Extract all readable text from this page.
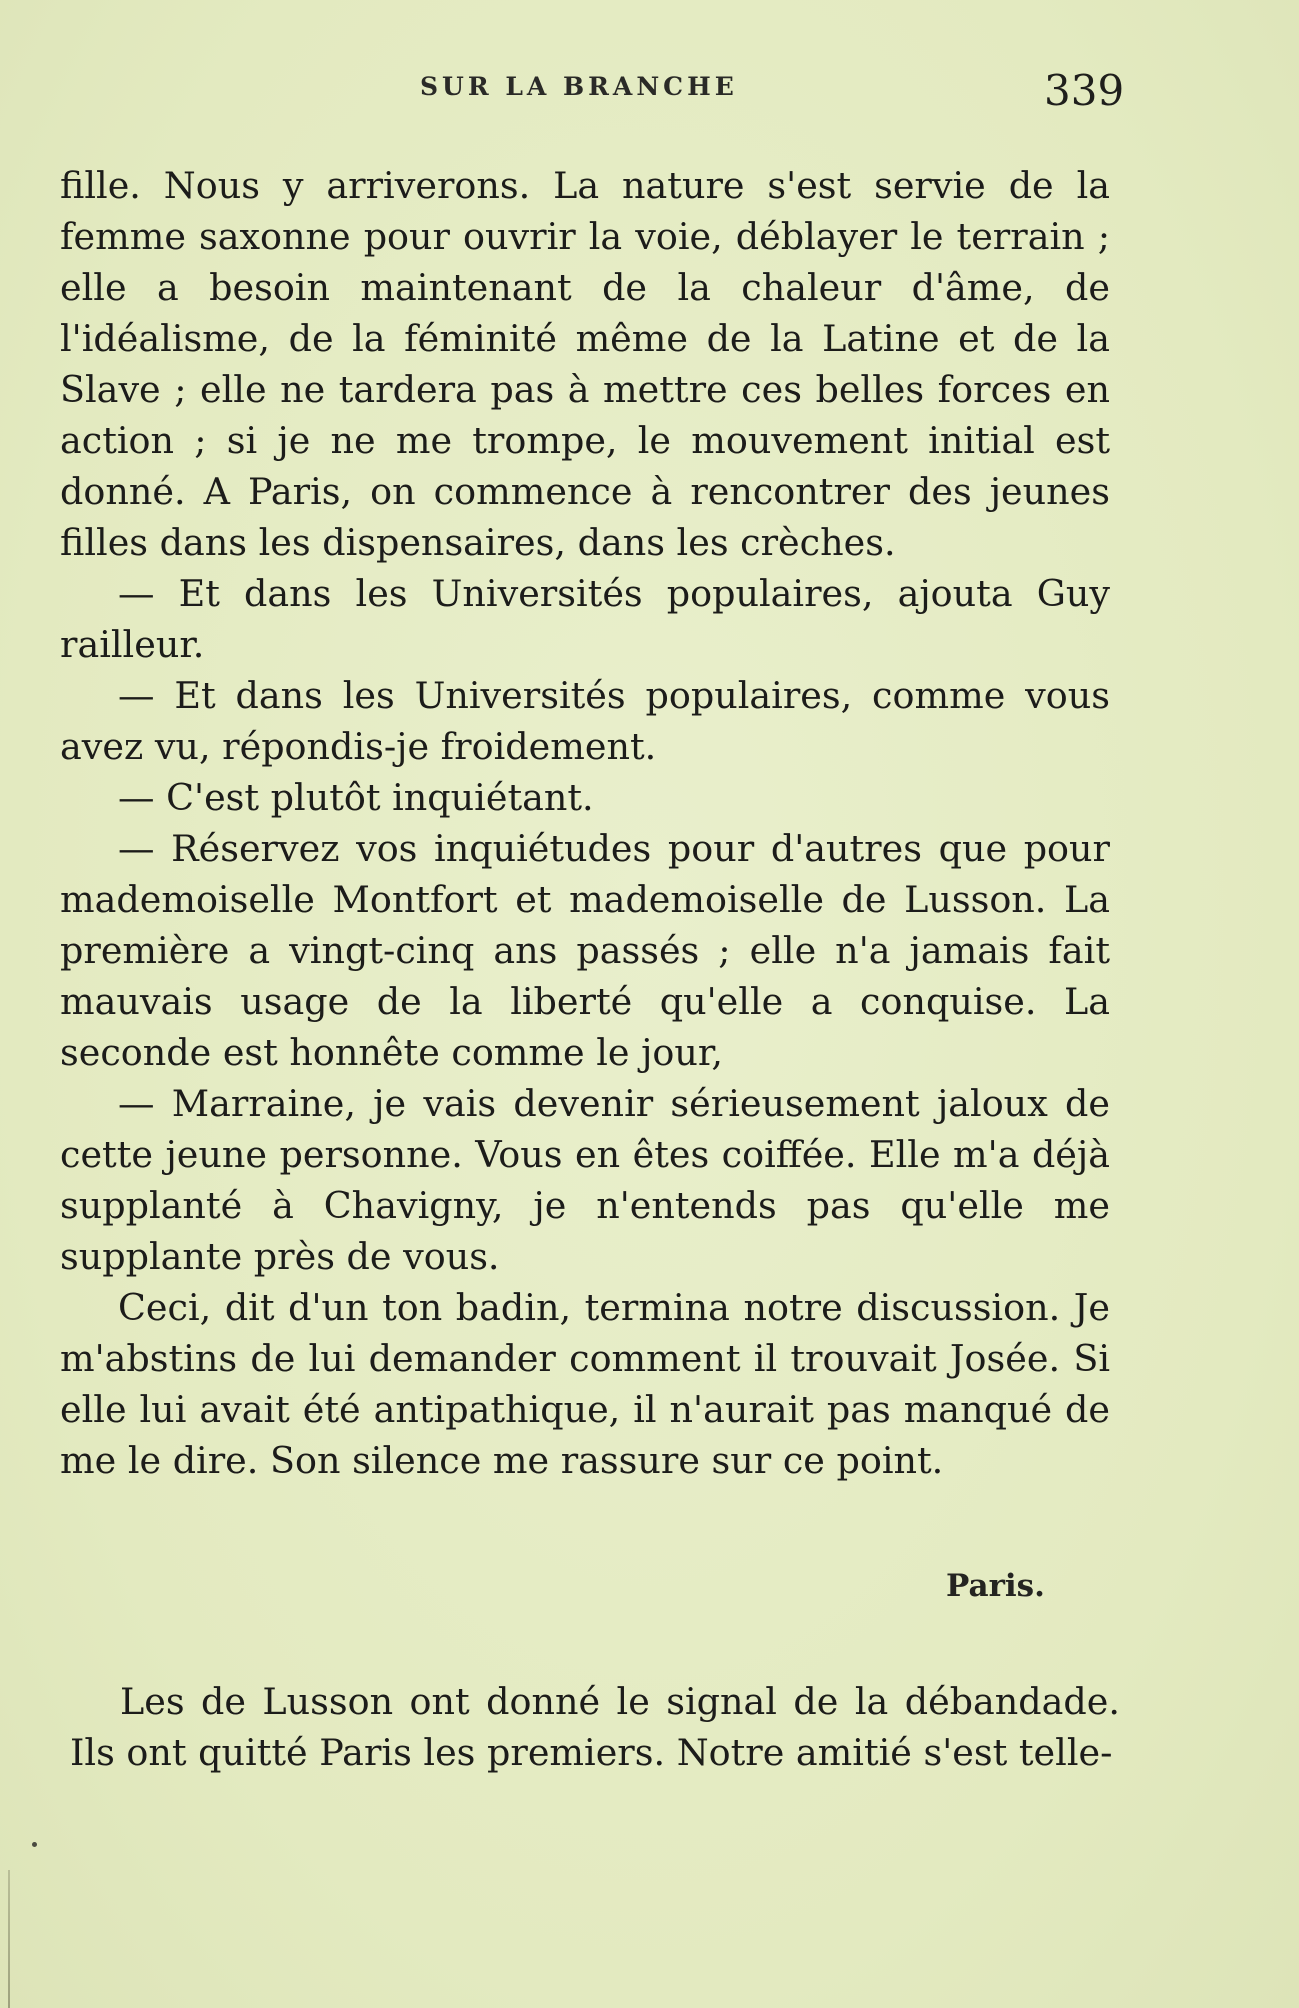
SUR LA BRANCHE	339

fille. Nous y arriverons. La nature s'est servie de la femme saxonne pour ouvrir la voie, déblayer le terrain ; elle a besoin maintenant de la chaleur d'âme, de l'idéalisme, de la féminité même de la Latine et de la Slave ; elle ne tardera pas à mettre ces belles forces en action ; si je ne me trompe, le mouvement initial est donné. A Paris, on commence à rencontrer des jeunes filles dans les dispensaires, dans les crèches.

— Et dans les Universités populaires, ajouta Guy railleur.

— Et dans les Universités populaires, comme vous avez vu, répondis-je froidement.

— C'est plutôt inquiétant.

— Réservez vos inquiétudes pour d'autres que pour mademoiselle Montfort et mademoiselle de Lusson. La première a vingt-cinq ans passés ; elle n'a jamais fait mauvais usage de la liberté qu'elle a conquise. La seconde est honnête comme le jour,

— Marraine, je vais devenir sérieusement jaloux de cette jeune personne. Vous en êtes coiffée. Elle m'a déjà supplanté à Chavigny, je n'entends pas qu'elle me supplante près de vous.

Ceci, dit d'un ton badin, termina notre discussion. Je m'abstins de lui demander comment il trouvait Josée. Si elle lui avait été antipathique, il n'aurait pas manqué de me le dire. Son silence me rassure sur ce point.

Paris.

Les de Lusson ont donné le signal de la débandade. Ils ont quitté Paris les premiers. Notre amitié s'est telle-
